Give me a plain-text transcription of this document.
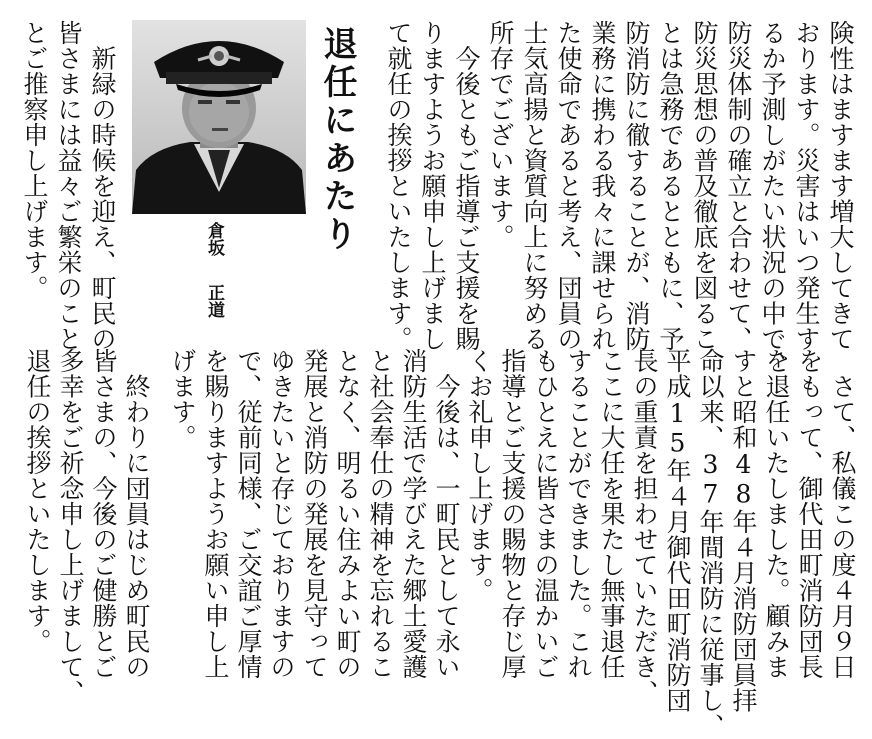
険性はますます増大してきて

おります。災害はいつ発生す

るか予測しがたい状況の中で、

防災体制の確立と合わせて、

防災思想の普及徹底を図るこ

とは急務であるとともに、予

防消防に徹することが、消防

業務に携わる我々に課せられ

た使命であると考え、団員の

士気高揚と資質向上に努める

所存でございます。

　今後ともご指導ご支援を賜

りますようお願申し上げまし

て就任の挨拶といたします。

退任にあたり
倉坂
正道

　新緑の時候を迎え、町民の

皆さまには益々ご繁栄のこと

とご推察申し上げます。

　さて、私儀この度４月９日

をもって、御代田町消防団長

を退任いたしました。顧みま

すと昭和48年４月消防団員拝

命以来、37年間消防に従事し、

平成15年４月御代田町消防団

長の重責を担わせていただき、

ここに大任を果たし無事退任

することができました。これ

もひとえに皆さまの温かいご

指導とご支援の賜物と存じ厚

くお礼申し上げます。

　今後は、一町民として永い

消防生活で学びえた郷土愛護

と社会奉仕の精神を忘れるこ

となく、明るい住みよい町の

発展と消防の発展を見守って

ゆきたいと存じておりますの

で、従前同様、ご交誼ご厚情

を賜りますようお願い申し上

げます。

　終わりに団員はじめ町民の

皆さまの、今後のご健勝とご

多幸をご祈念申し上げまして、

退任の挨拶といたします。
